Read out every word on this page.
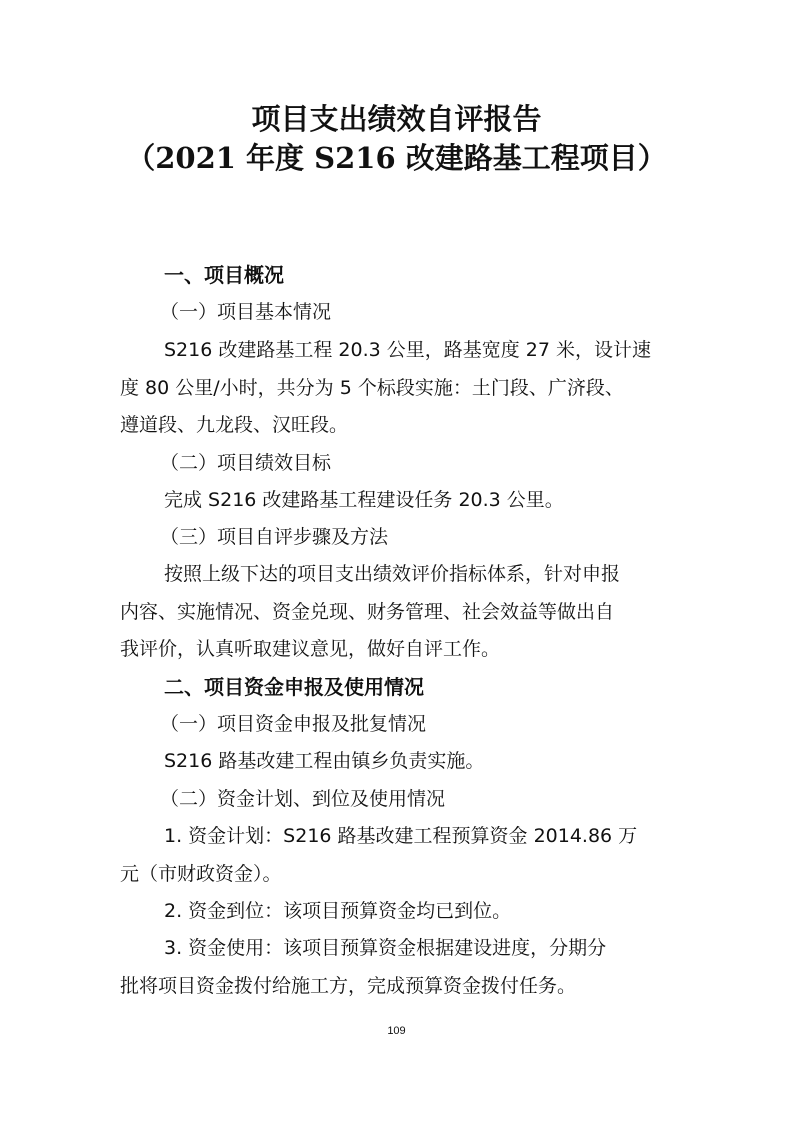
项目支出绩效自评报告
（2021 年度 S216 改建路基工程项目）

一、项目概况

（一）项目基本情况

S216 改建路基工程 20.3 公里，路基宽度 27 米，设计速

度 80 公里/小时，共分为 5 个标段实施：土门段、广济段、

遵道段、九龙段、汉旺段。

（二）项目绩效目标

完成 S216 改建路基工程建设任务 20.3 公里。

（三）项目自评步骤及方法

按照上级下达的项目支出绩效评价指标体系，针对申报

内容、实施情况、资金兑现、财务管理、社会效益等做出自

我评价，认真听取建议意见，做好自评工作。

二、项目资金申报及使用情况

（一）项目资金申报及批复情况

S216 路基改建工程由镇乡负责实施。

（二）资金计划、到位及使用情况

1. 资金计划：S216 路基改建工程预算资金 2014.86 万

元（市财政资金）。

2. 资金到位：该项目预算资金均已到位。

3. 资金使用：该项目预算资金根据建设进度，分期分

批将项目资金拨付给施工方，完成预算资金拨付任务。

109
